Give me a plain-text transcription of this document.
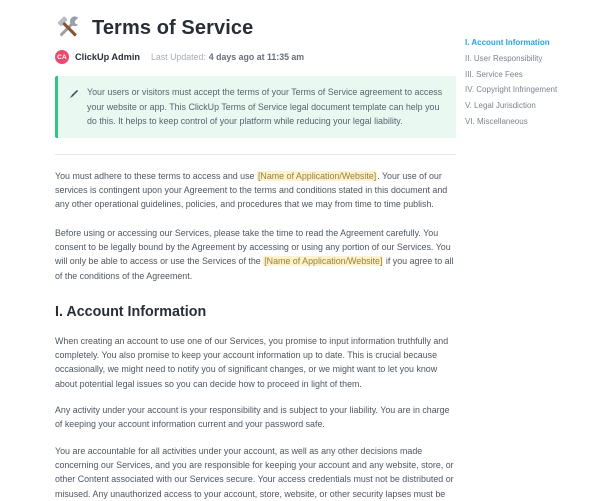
Terms of Service
CA ClickUp Admin Last Updated: 4 days ago at 11:35 am

Your users or visitors must accept the terms of your Terms of Service agreement to access your website or app. This ClickUp Terms of Service legal document template can help you do this. It helps to keep control of your platform while reducing your legal liability.

You must adhere to these terms to access and use [Name of Application/Website]. Your use of our services is contingent upon your Agreement to the terms and conditions stated in this document and any other operational guidelines, policies, and procedures that we may from time to time publish.

Before using or accessing our Services, please take the time to read the Agreement carefully. You consent to be legally bound by the Agreement by accessing or using any portion of our Services. You will only be able to access or use the Services of the [Name of Application/Website] if you agree to all of the conditions of the Agreement.

I. Account Information

When creating an account to use one of our Services, you promise to input information truthfully and completely. You also promise to keep your account information up to date. This is crucial because occasionally, we might need to notify you of significant changes, or we might want to let you know about potential legal issues so you can decide how to proceed in light of them.

Any activity under your account is your responsibility and is subject to your liability. You are in charge of keeping your account information current and your password safe.

You are accountable for all activities under your account, as well as any other decisions made concerning our Services, and you are responsible for keeping your account and any website, store, or other Content associated with our Services secure. Your access credentials must not be distributed or misused. Any unauthorized access to your account, store, website, or other security lapses must be

I. Account Information
II. User Responsibility
III. Service Fees
IV. Copyright Infringement
V. Legal Jurisdiction
VI. Miscellaneous
